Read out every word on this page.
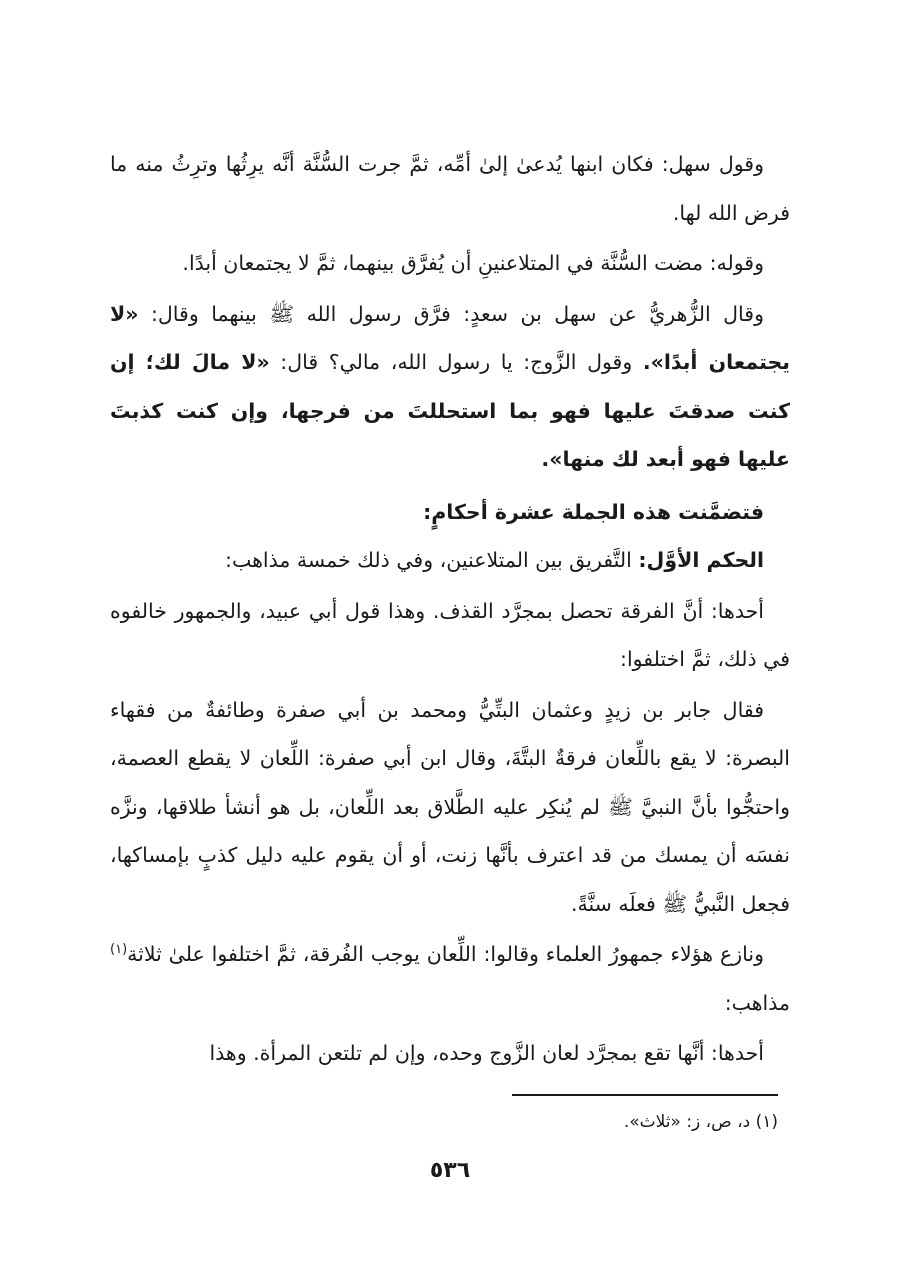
وقول سهل: فكان ابنها يُدعىٰ إلىٰ أمِّه، ثمَّ جرت السُّنَّة أنَّه يرِثُها وترِثُ منه ما فرض الله لها.

وقوله: مضت السُّنَّة في المتلاعنينِ أن يُفرَّق بينهما، ثمَّ لا يجتمعان أبدًا.

وقال الزُّهريُّ عن سهل بن سعدٍ: فرَّق رسول الله ﷺ بينهما وقال: «لا يجتمعان أبدًا». وقول الزَّوج: يا رسول الله، مالي؟ قال: «لا مالَ لك؛ إن كنت صدقتَ عليها فهو بما استحللتَ من فرجها، وإن كنت كذبتَ عليها فهو أبعد لك منها».

فتضمَّنت هذه الجملة عشرة أحكامٍ:

الحكم الأوَّل: التَّفريق بين المتلاعنين، وفي ذلك خمسة مذاهب:

أحدها: أنَّ الفرقة تحصل بمجرَّد القذف. وهذا قول أبي عبيد، والجمهور خالفوه في ذلك، ثمَّ اختلفوا:

فقال جابر بن زيدٍ وعثمان البتِّيُّ ومحمد بن أبي صفرة وطائفةٌ من فقهاء البصرة: لا يقع باللِّعان فرقةٌ البتَّةَ، وقال ابن أبي صفرة: اللِّعان لا يقطع العصمة، واحتجُّوا بأنَّ النبيَّ ﷺ لم يُنكِر عليه الطَّلاق بعد اللِّعان، بل هو أنشأ طلاقها، ونزَّه نفسَه أن يمسك من قد اعترف بأنَّها زنت، أو أن يقوم عليه دليل كذبٍ بإمساكها، فجعل النَّبيُّ ﷺ فعلَه سنَّةً.

ونازع هؤلاء جمهورُ العلماء وقالوا: اللِّعان يوجب الفُرقة، ثمَّ اختلفوا علىٰ ثلاثة$^{(١)}$ مذاهب:

أحدها: أنَّها تقع بمجرَّد لعان الزَّوج وحده، وإن لم تلتعن المرأة. وهذا

(١) د، ص، ز: «ثلاث».
٥٣٦
